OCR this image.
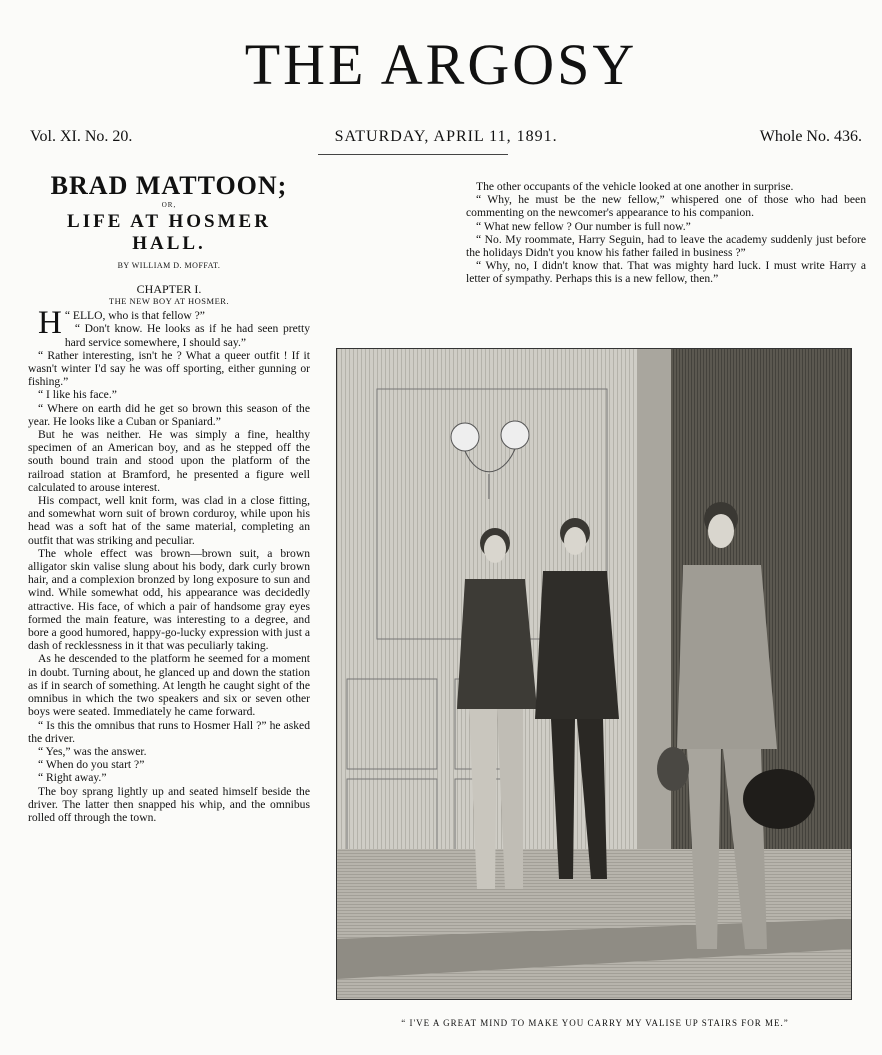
THE ARGOSY
Vol. XI. No. 20.	SATURDAY, APRIL 11, 1891.	Whole No. 436.
BRAD MATTOON;
OR,
LIFE AT HOSMER HALL.
BY WILLIAM D. MOFFAT.
CHAPTER I.
THE NEW BOY AT HOSMER.

“
H ELLO, who is that fellow ?”

“ Don't know. He looks as if he had seen pretty hard service somewhere, I should say.”

“ Rather interesting, isn't he ? What a queer outfit ! If it wasn't winter I'd say he was off sporting, either gunning or fishing.”

“ I like his face.”

“ Where on earth did he get so brown this season of the year. He looks like a Cuban or Spaniard.”

But he was neither. He was simply a fine, healthy specimen of an American boy, and as he stepped off the south bound train and stood upon the platform of the railroad station at Bramford, he presented a figure well calculated to arouse interest.

His compact, well knit form, was clad in a close fitting, and somewhat worn suit of brown corduroy, while upon his head was a soft hat of the same material, completing an outfit that was striking and peculiar.

The whole effect was brown—brown suit, a brown alligator skin valise slung about his body, dark curly brown hair, and a complexion bronzed by long exposure to sun and wind. While somewhat odd, his appearance was decidedly attractive. His face, of which a pair of handsome gray eyes formed the main feature, was interesting to a degree, and bore a good humored, happy-go-lucky expression with just a dash of recklessness in it that was peculiarly taking.

As he descended to the platform he seemed for a moment in doubt. Turning about, he glanced up and down the station as if in search of something. At length he caught sight of the omnibus in which the two speakers and six or seven other boys were seated. Immediately he came forward.

“ Is this the omnibus that runs to Hosmer Hall ?” he asked the driver.

“ Yes,” was the answer.

“ When do you start ?”

“ Right away.”

The boy sprang lightly up and seated himself beside the driver. The latter then snapped his whip, and the omnibus rolled off through the town.

The other occupants of the vehicle looked at one another in surprise.

“ Why, he must be the new fellow,” whispered one of those who had been commenting on the newcomer's appearance to his companion.

“ What new fellow ? Our number is full now.”

“ No. My roommate, Harry Seguin, had to leave the academy suddenly just before the holidays Didn't you know his father failed in business ?”

“ Why, no, I didn't know that. That was mighty hard luck. I must write Harry a letter of sympathy. Perhaps this is a new fellow, then.”

“ I'VE A GREAT MIND TO MAKE YOU CARRY MY VALISE UP STAIRS FOR ME.”
